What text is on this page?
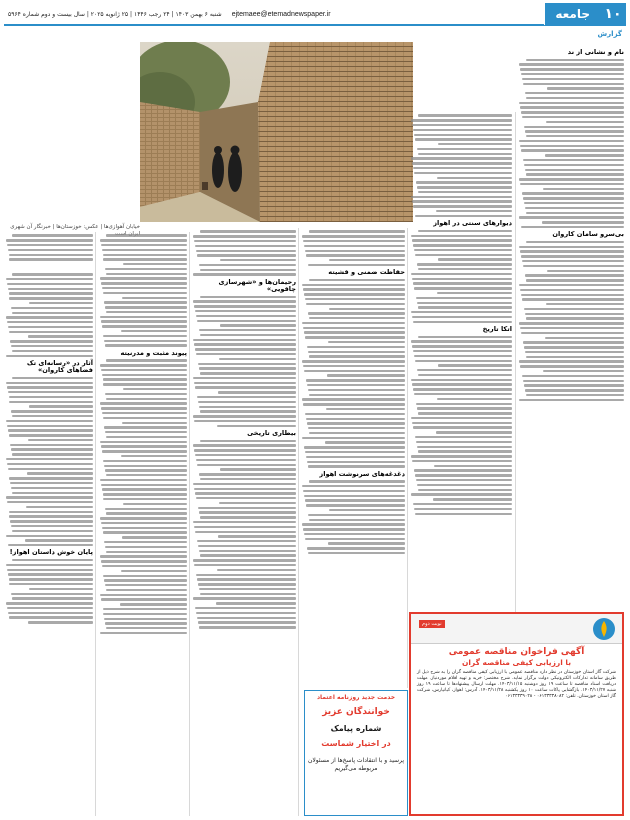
۱۰
جامعه
ejtemaee@etemadnewspaper.ir
شنبه ۶ بهمن ۱۴۰۳ | ۲۴ رجب ۱۴۴۶ | ۲۵ ژانویه ۲۰۲۵ | سال بیست و دوم شماره ۵۹۶۴
گزارش
خیابان آهوازی‌ها | عکس: خوزستان‌ها | خبرنگار آن شهری
نام و نشانی از ند
بی‌سرو سامان کاروان
دیوارهای سنتی در اهواز
اتکا تاریخ
حفاظت ضمنی و قشیته
دغدغه‌های سرنوشت اهواز
رحیمان‌ها و «شهرسازی چاقویی»
بیطاری تاریخی
پیوند مثبت و مدرنیته
آثار در «رسانه‌ای تک فضاهای کاروان»
پایان خوش داستان اهواز!
نوبت دوم
آگهی فراخوان مناقصه عمومی
با ارزیابی کیفی مناقصه گران
شرکت گاز استان خوزستان در نظر دارد مناقصه عمومی با ارزیابی کیفی مناقصه گران را به شرح ذیل از طریق سامانه تدارکات الکترونیکی دولت برگزار نماید. شرح مختصر: خرید و تهیه اقلام موردنیاز. مهلت دریافت اسناد مناقصه تا ساعت ۱۹ روز دوشنبه ۱۴۰۳/۱۱/۱۵. مهلت ارسال پیشنهادها تا ساعت ۱۹ روز شنبه ۱۴۰۳/۱۱/۲۷. بازگشایی پاکات ساعت ۱۰ روز یکشنبه ۱۴۰۳/۱۱/۲۸. آدرس: اهواز، کیانپارس، شرکت گاز استان خوزستان. تلفن: ۰۶۱۳۳۳۳۸۰۸۲ - ۰۶۱۳۳۳۳۹۰۲۸
خدمت جدید روزنامه اعتماد
خوانندگان عزیز
شماره پیامک
در اختیار شماست
پرسید و با انتقادات پاسخ‌ها از مسئولان مربوطه می‌گیریم
